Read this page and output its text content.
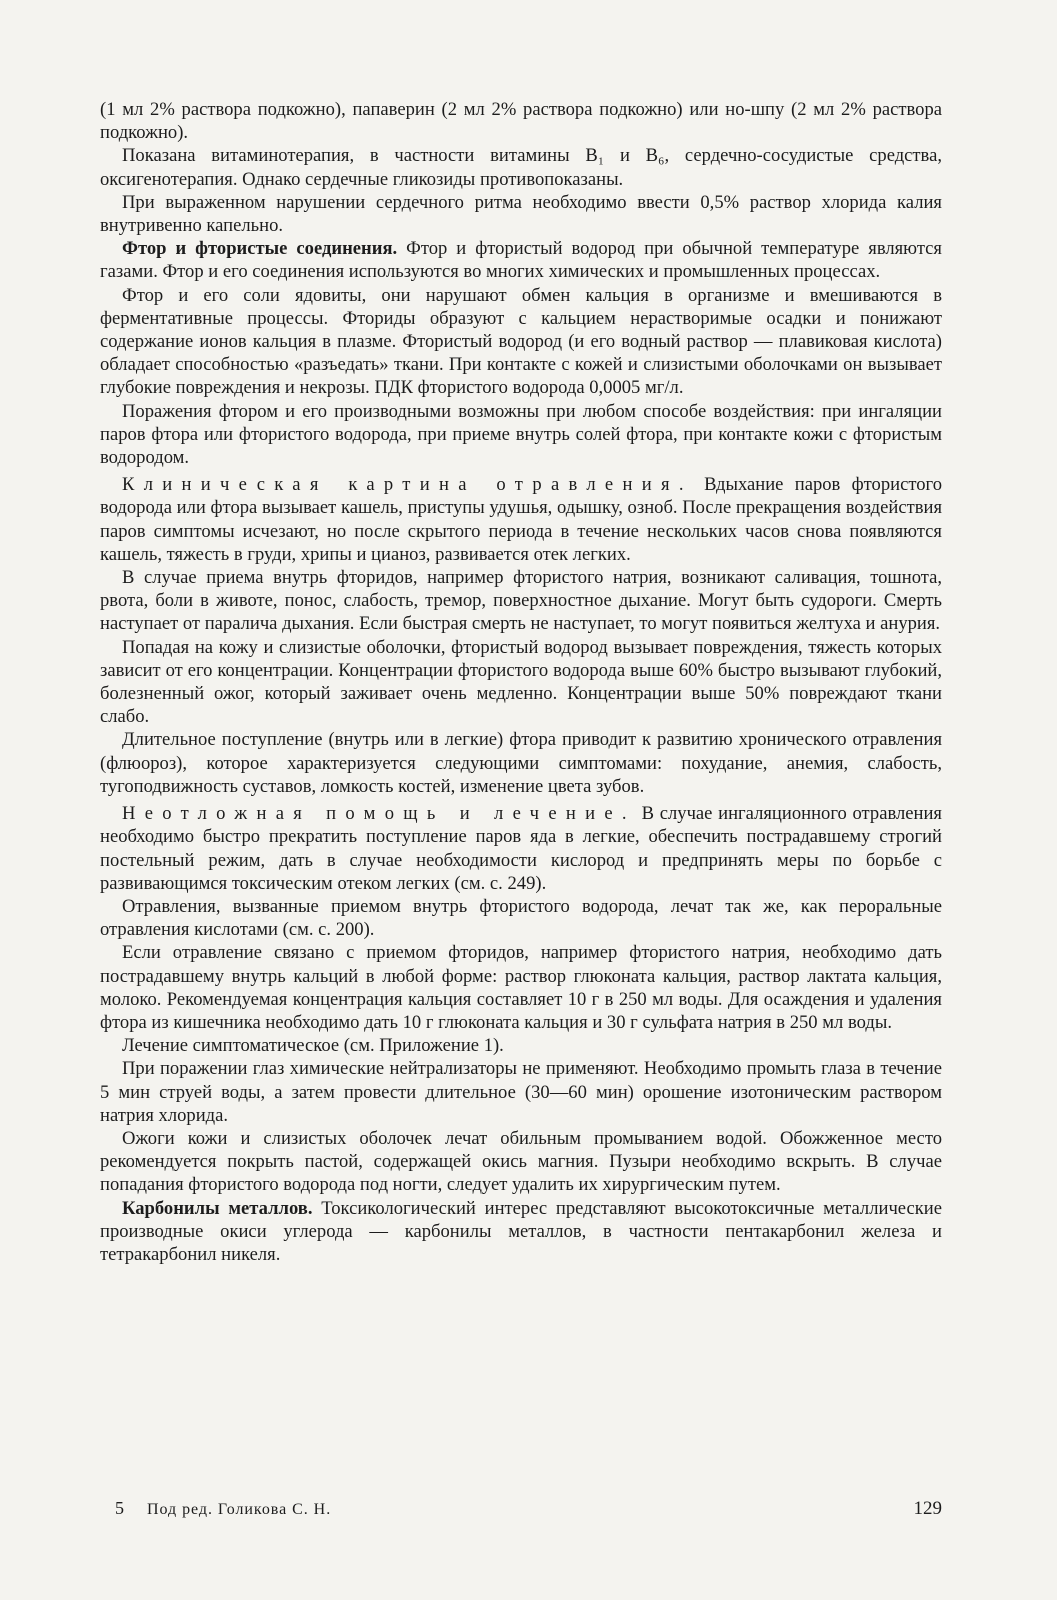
(1 мл 2% раствора подкожно), папаверин (2 мл 2% раствора подкожно) или но-шпу (2 мл 2% раствора подкожно).

Показана витаминотерапия, в частности витамины B₁ и B₆, сердечно-сосудистые средства, оксигенотерапия. Однако сердечные гликозиды противопоказаны.

При выраженном нарушении сердечного ритма необходимо ввести 0,5% раствор хлорида калия внутривенно капельно.

Фтор и фтористые соединения. Фтор и фтористый водород при обычной температуре являются газами. Фтор и его соединения используются во многих химических и промышленных процессах.

Фтор и его соли ядовиты, они нарушают обмен кальция в организме и вмешиваются в ферментативные процессы. Фториды образуют с кальцием нерастворимые осадки и понижают содержание ионов кальция в плазме. Фтористый водород (и его водный раствор — плавиковая кислота) обладает способностью «разъедать» ткани. При контакте с кожей и слизистыми оболочками он вызывает глубокие повреждения и некрозы. ПДК фтористого водорода 0,0005 мг/л.

Поражения фтором и его производными возможны при любом способе воздействия: при ингаляции паров фтора или фтористого водорода, при приеме внутрь солей фтора, при контакте кожи с фтористым водородом.

Клиническая картина отравления. Вдыхание паров фтористого водорода или фтора вызывает кашель, приступы удушья, одышку, озноб. После прекращения воздействия паров симптомы исчезают, но после скрытого периода в течение нескольких часов снова появляются кашель, тяжесть в груди, хрипы и цианоз, развивается отек легких.

В случае приема внутрь фторидов, например фтористого натрия, возникают саливация, тошнота, рвота, боли в животе, понос, слабость, тремор, поверхностное дыхание. Могут быть судороги. Смерть наступает от паралича дыхания. Если быстрая смерть не наступает, то могут появиться желтуха и анурия.

Попадая на кожу и слизистые оболочки, фтористый водород вызывает повреждения, тяжесть которых зависит от его концентрации. Концентрации фтористого водорода выше 60% быстро вызывают глубокий, болезненный ожог, который заживает очень медленно. Концентрации выше 50% повреждают ткани слабо.

Длительное поступление (внутрь или в легкие) фтора приводит к развитию хронического отравления (флюороз), которое характеризуется следующими симптомами: похудание, анемия, слабость, тугоподвижность суставов, ломкость костей, изменение цвета зубов.

Неотложная помощь и лечение. В случае ингаляционного отравления необходимо быстро прекратить поступление паров яда в легкие, обеспечить пострадавшему строгий постельный режим, дать в случае необходимости кислород и предпринять меры по борьбе с развивающимся токсическим отеком легких (см. с. 249).

Отравления, вызванные приемом внутрь фтористого водорода, лечат так же, как пероральные отравления кислотами (см. с. 200).

Если отравление связано с приемом фторидов, например фтористого натрия, необходимо дать пострадавшему внутрь кальций в любой форме: раствор глюконата кальция, раствор лактата кальция, молоко. Рекомендуемая концентрация кальция составляет 10 г в 250 мл воды. Для осаждения и удаления фтора из кишечника необходимо дать 10 г глюконата кальция и 30 г сульфата натрия в 250 мл воды.

Лечение симптоматическое (см. Приложение 1).

При поражении глаз химические нейтрализаторы не применяют. Необходимо промыть глаза в течение 5 мин струей воды, а затем провести длительное (30—60 мин) орошение изотоническим раствором натрия хлорида.

Ожоги кожи и слизистых оболочек лечат обильным промыванием водой. Обожженное место рекомендуется покрыть пастой, содержащей окись магния. Пузыри необходимо вскрыть. В случае попадания фтористого водорода под ногти, следует удалить их хирургическим путем.

Карбонилы металлов. Токсикологический интерес представляют высокотоксичные металлические производные окиси углерода — карбонилы металлов, в частности пентакарбонил железа и тетракарбонил никеля.

5	Под ред. Голикова С. Н.	129
